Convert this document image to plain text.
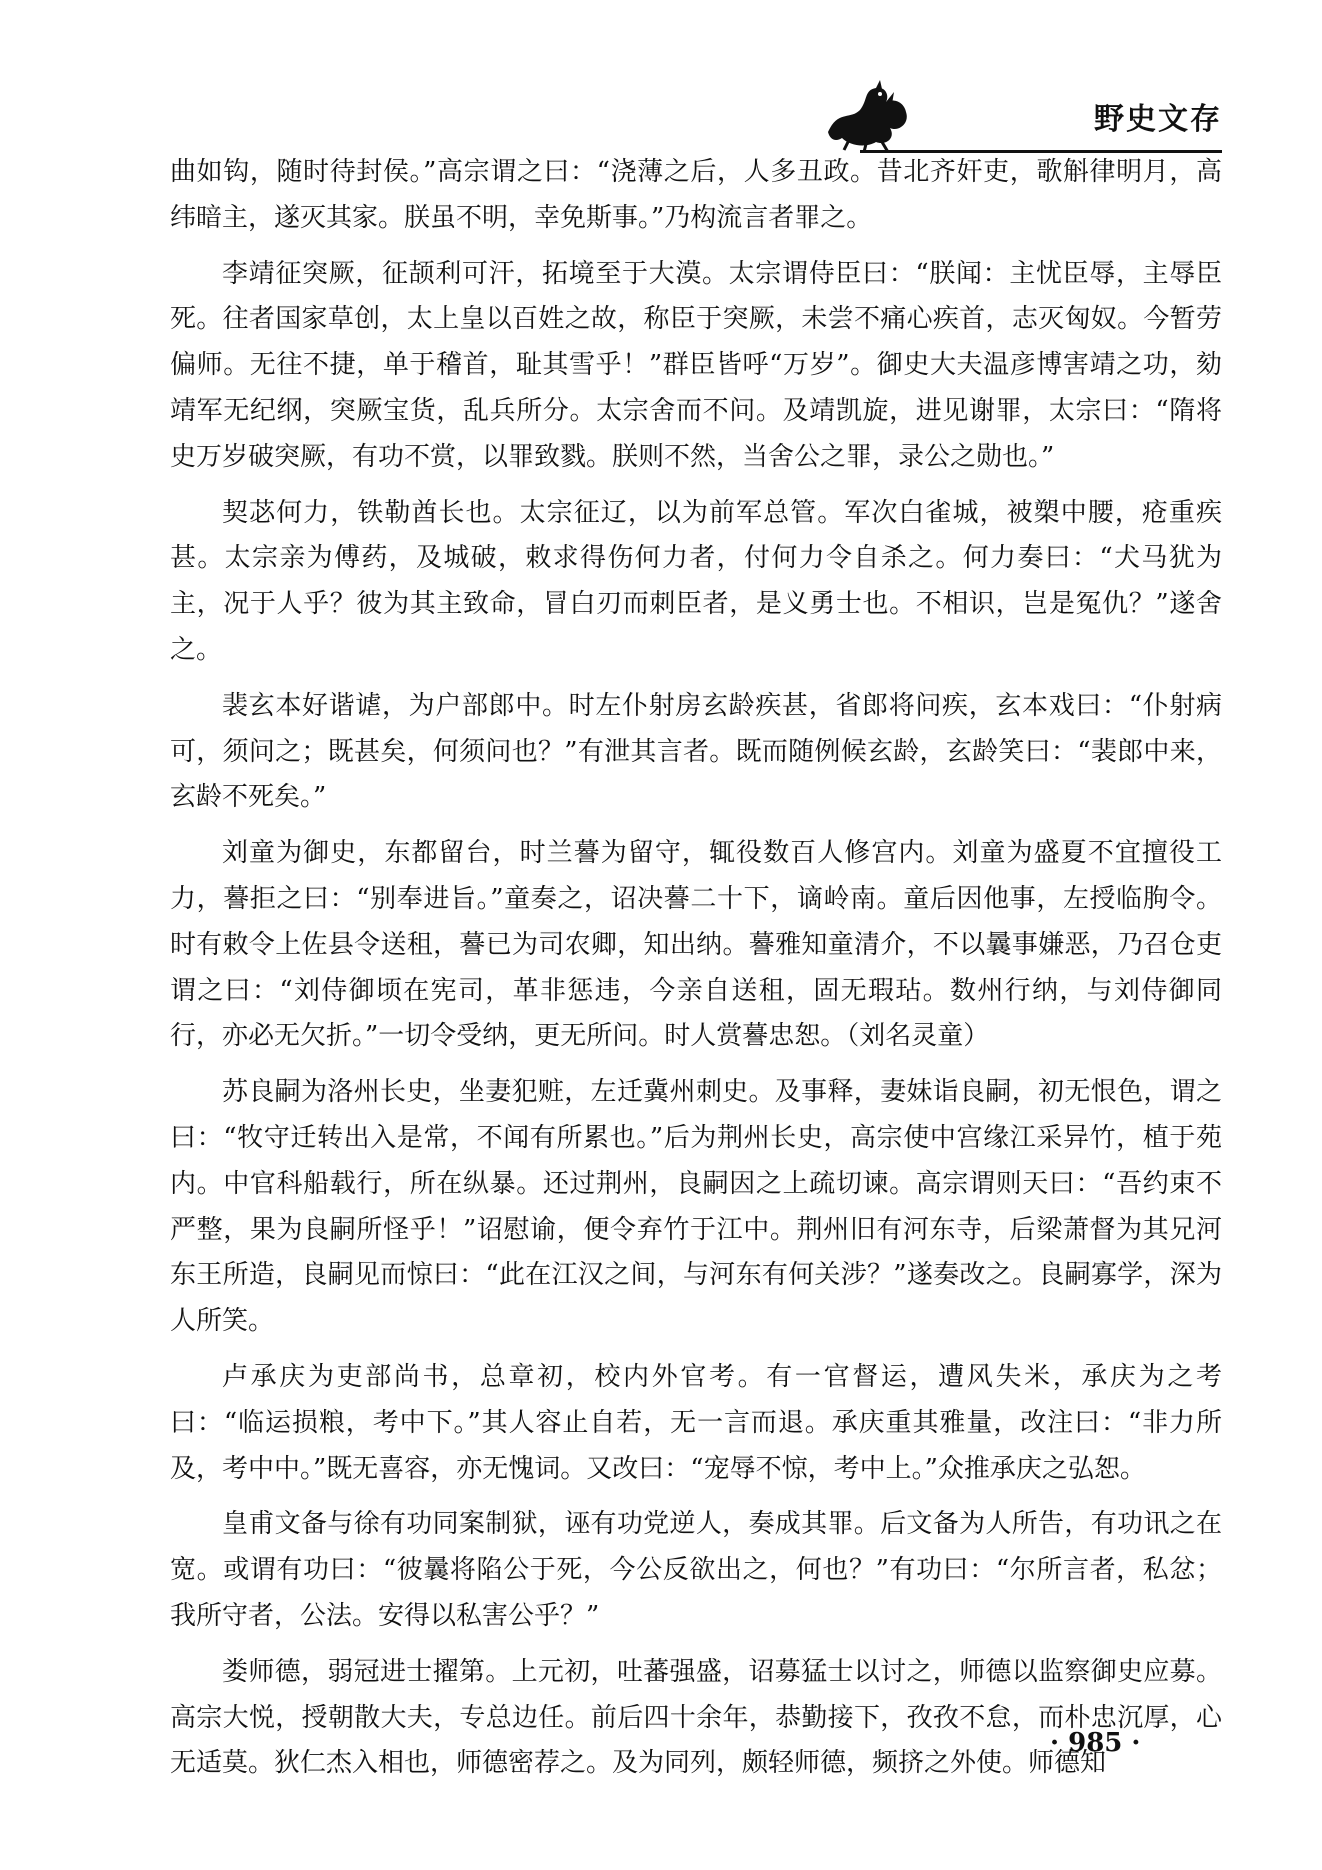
野史文存

曲如钩，随时待封侯。”高宗谓之曰：“浇薄之后，人多丑政。昔北齐奸吏，歌斛律明月，高纬暗主，遂灭其家。朕虽不明，幸免斯事。”乃构流言者罪之。

李靖征突厥，征颉利可汗，拓境至于大漠。太宗谓侍臣曰：“朕闻：主忧臣辱，主辱臣死。往者国家草创，太上皇以百姓之故，称臣于突厥，未尝不痛心疾首，志灭匈奴。今暂劳偏师。无往不捷，单于稽首，耻其雪乎！”群臣皆呼“万岁”。御史大夫温彦博害靖之功，劾靖军无纪纲，突厥宝货，乱兵所分。太宗舍而不问。及靖凯旋，进见谢罪，太宗曰：“隋将史万岁破突厥，有功不赏，以罪致戮。朕则不然，当舍公之罪，录公之勋也。”

契苾何力，铁勒酋长也。太宗征辽，以为前军总管。军次白雀城，被槊中腰，疮重疾甚。太宗亲为傅药，及城破，敕求得伤何力者，付何力令自杀之。何力奏曰：“犬马犹为主，况于人乎？彼为其主致命，冒白刃而刺臣者，是义勇士也。不相识，岂是冤仇？”遂舍之。

裴玄本好谐谑，为户部郎中。时左仆射房玄龄疾甚，省郎将问疾，玄本戏曰：“仆射病可，须问之；既甚矣，何须问也？”有泄其言者。既而随例候玄龄，玄龄笑曰：“裴郎中来，玄龄不死矣。”

刘童为御史，东都留台，时兰謩为留守，辄役数百人修宫内。刘童为盛夏不宜擅役工力，謩拒之曰：“别奉进旨。”童奏之，诏决謩二十下，谪岭南。童后因他事，左授临朐令。时有敕令上佐县令送租，謩已为司农卿，知出纳。謩雅知童清介，不以曩事嫌恶，乃召仓吏谓之曰：“刘侍御顷在宪司，革非惩违，今亲自送租，固无瑕玷。数州行纳，与刘侍御同行，亦必无欠折。”一切令受纳，更无所问。时人赏謩忠恕。（刘名灵童）

苏良嗣为洛州长史，坐妻犯赃，左迁冀州刺史。及事释，妻妹诣良嗣，初无恨色，谓之曰：“牧守迁转出入是常，不闻有所累也。”后为荆州长史，高宗使中宫缘江采异竹，植于苑内。中官科船载行，所在纵暴。还过荆州，良嗣因之上疏切谏。高宗谓则天曰：“吾约束不严整，果为良嗣所怪乎！”诏慰谕，便令弃竹于江中。荆州旧有河东寺，后梁萧督为其兄河东王所造，良嗣见而惊曰：“此在江汉之间，与河东有何关涉？”遂奏改之。良嗣寡学，深为人所笑。

卢承庆为吏部尚书，总章初，校内外官考。有一官督运，遭风失米，承庆为之考曰：“临运损粮，考中下。”其人容止自若，无一言而退。承庆重其雅量，改注曰：“非力所及，考中中。”既无喜容，亦无愧词。又改曰：“宠辱不惊，考中上。”众推承庆之弘恕。

皇甫文备与徐有功同案制狱，诬有功党逆人，奏成其罪。后文备为人所告，有功讯之在宽。或谓有功曰：“彼曩将陷公于死，今公反欲出之，何也？”有功曰：“尔所言者，私忿；我所守者，公法。安得以私害公乎？”

娄师德，弱冠进士擢第。上元初，吐蕃强盛，诏募猛士以讨之，师德以监察御史应募。高宗大悦，授朝散大夫，专总边任。前后四十余年，恭勤接下，孜孜不怠，而朴忠沉厚，心无适莫。狄仁杰入相也，师德密荐之。及为同列，颇轻师德，频挤之外使。师德知

· 985 ·
